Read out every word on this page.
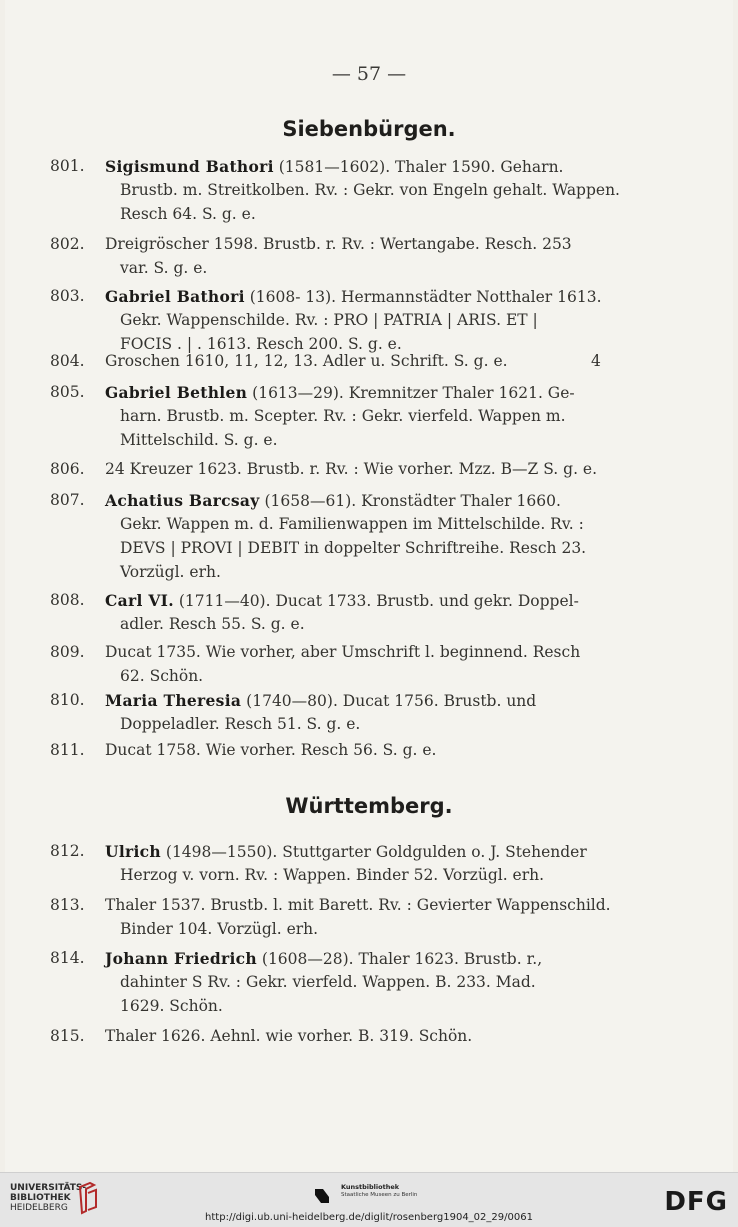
— 57 —
Siebenbürgen.
801.	Sigismund Bathori (1581—1602). Thaler 1590. Geharn.
Brustb. m. Streitkolben. Rv. : Gekr. von Engeln gehalt. Wappen.
Resch 64. S. g. e.
802.	Dreigröscher 1598. Brustb. r. Rv. : Wertangabe. Resch. 253
var. S. g. e.
803.	Gabriel Bathori (1608- 13). Hermannstädter Notthaler 1613.
Gekr. Wappenschilde. Rv. : PRO | PATRIA | ARIS. ET |
FOCIS . | . 1613. Resch 200. S. g. e.
804.	Groschen 1610, 11, 12, 13. Adler u. Schrift. S. g. e.	4
805.	Gabriel Bethlen (1613—29). Kremnitzer Thaler 1621. Ge-
harn. Brustb. m. Scepter. Rv. : Gekr. vierfeld. Wappen m.
Mittelschild. S. g. e.
806.	24 Kreuzer 1623. Brustb. r. Rv. : Wie vorher. Mzz. B—Z S. g. e.
807.	Achatius Barcsay (1658—61). Kronstädter Thaler 1660.
Gekr. Wappen m. d. Familienwappen im Mittelschilde. Rv. :
DEVS | PROVI | DEBIT in doppelter Schriftreihe. Resch 23.
Vorzügl. erh.
808.	Carl VI. (1711—40). Ducat 1733. Brustb. und gekr. Doppel-
adler. Resch 55. S. g. e.
809.	Ducat 1735. Wie vorher, aber Umschrift l. beginnend. Resch
62. Schön.
810.	Maria Theresia (1740—80). Ducat 1756. Brustb. und
Doppeladler. Resch 51. S. g. e.
811.	Ducat 1758. Wie vorher. Resch 56. S. g. e.
Württemberg.
812.	Ulrich (1498—1550). Stuttgarter Goldgulden o. J. Stehender
Herzog v. vorn. Rv. : Wappen. Binder 52. Vorzügl. erh.
813.	Thaler 1537. Brustb. l. mit Barett. Rv. : Gevierter Wappenschild.
Binder 104. Vorzügl. erh.
814.	Johann Friedrich (1608—28). Thaler 1623. Brustb. r.,
dahinter S Rv. : Gekr. vierfeld. Wappen. B. 233. Mad.
1629. Schön.
815.	Thaler 1626. Aehnl. wie vorher. B. 319. Schön.
UNIVERSITÄTS-
BIBLIOTHEK
HEIDELBERG
Kunstbibliothek
Staatliche Museen zu Berlin	DFG
http://digi.ub.uni-heidelberg.de/diglit/rosenberg1904_02_29/0061
